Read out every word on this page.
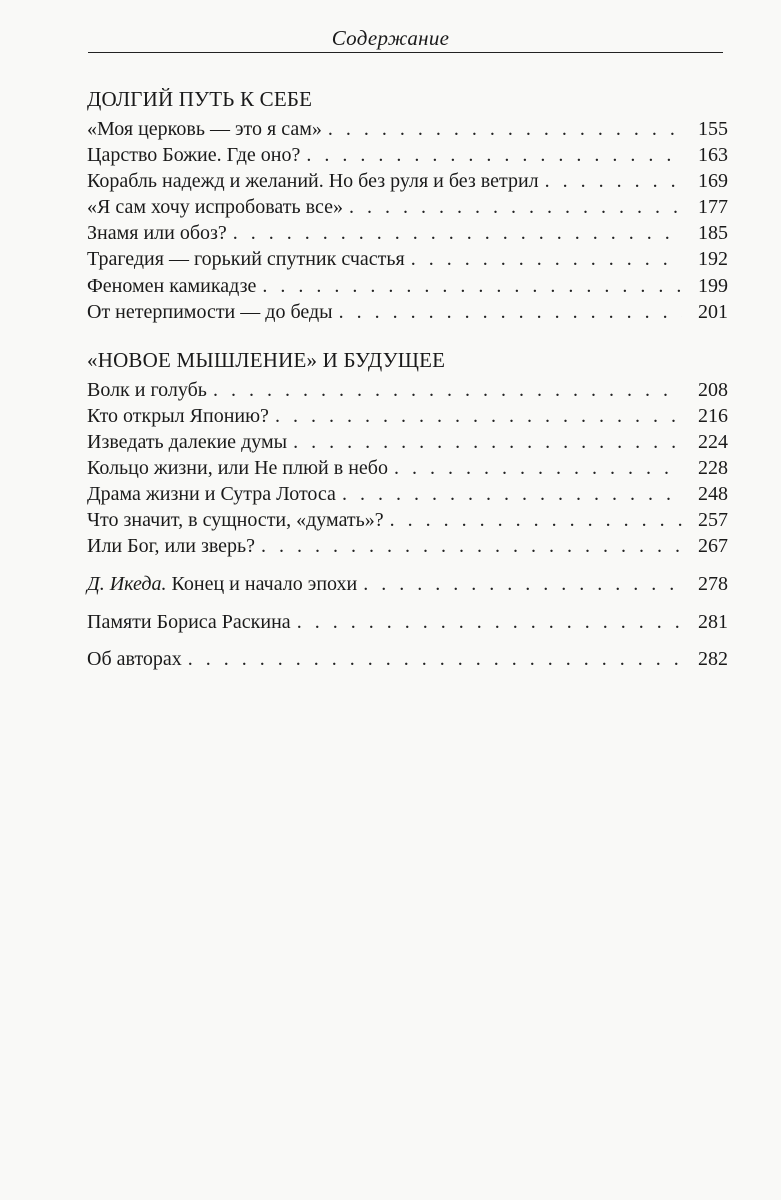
Содержание
ДОЛГИЙ ПУТЬ К СЕБЕ
«Моя церковь — это я сам» . . .	155
Царство Божие. Где оно? . . .	163
Корабль надежд и желаний. Но без руля и без ветрил . . .	169
«Я сам хочу испробовать все» . . .	177
Знамя или обоз? . . .	185
Трагедия — горький спутник счастья . . .	192
Феномен камикадзе . . .	199
От нетерпимости — до беды . . .	201
«НОВОЕ МЫШЛЕНИЕ» И БУДУЩЕЕ
Волк и голубь . . .	208
Кто открыл Японию? . . .	216
Изведать далекие думы . . .	224
Кольцо жизни, или Не плюй в небо . . .	228
Драма жизни и Сутра Лотоса . . .	248
Что значит, в сущности, «думать»? . . .	257
Или Бог, или зверь? . . .	267
Д. Икеда. Конец и начало эпохи . . .	278
Памяти Бориса Раскина . . .	281
Об авторах . . .	282
